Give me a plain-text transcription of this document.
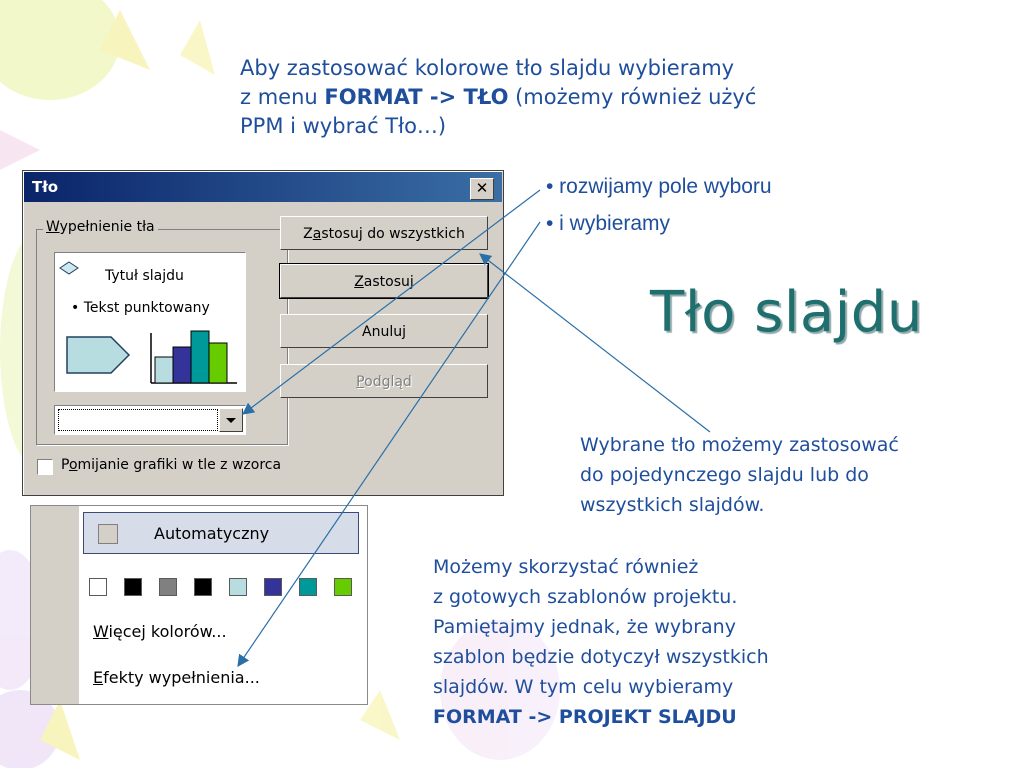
Aby zastosować kolorowe tło slajdu wybieramy
z menu FORMAT -> TŁO (możemy również użyć
PPM i wybrać Tło…)
• rozwijamy pole wyboru
• i wybieramy
Tło slajdu
Wybrane tło możemy zastosować
do pojedynczego slajdu lub do
wszystkich slajdów.
Możemy skorzystać również
z gotowych szablonów projektu.
Pamiętajmy jednak, że wybrany
szablon będzie dotyczył wszystkich
slajdów. W tym celu wybieramy
FORMAT -> PROJEKT SLAJDU
Tło	✕
Wypełnienie tła
Tytuł slajdu
• Tekst punktowany
Zastosuj do wszystkich
Zastosuj
Anuluj
Podgląd
Pomijanie grafiki w tle z wzorca
Automatyczny
Więcej kolorów...
Efekty wypełnienia...
